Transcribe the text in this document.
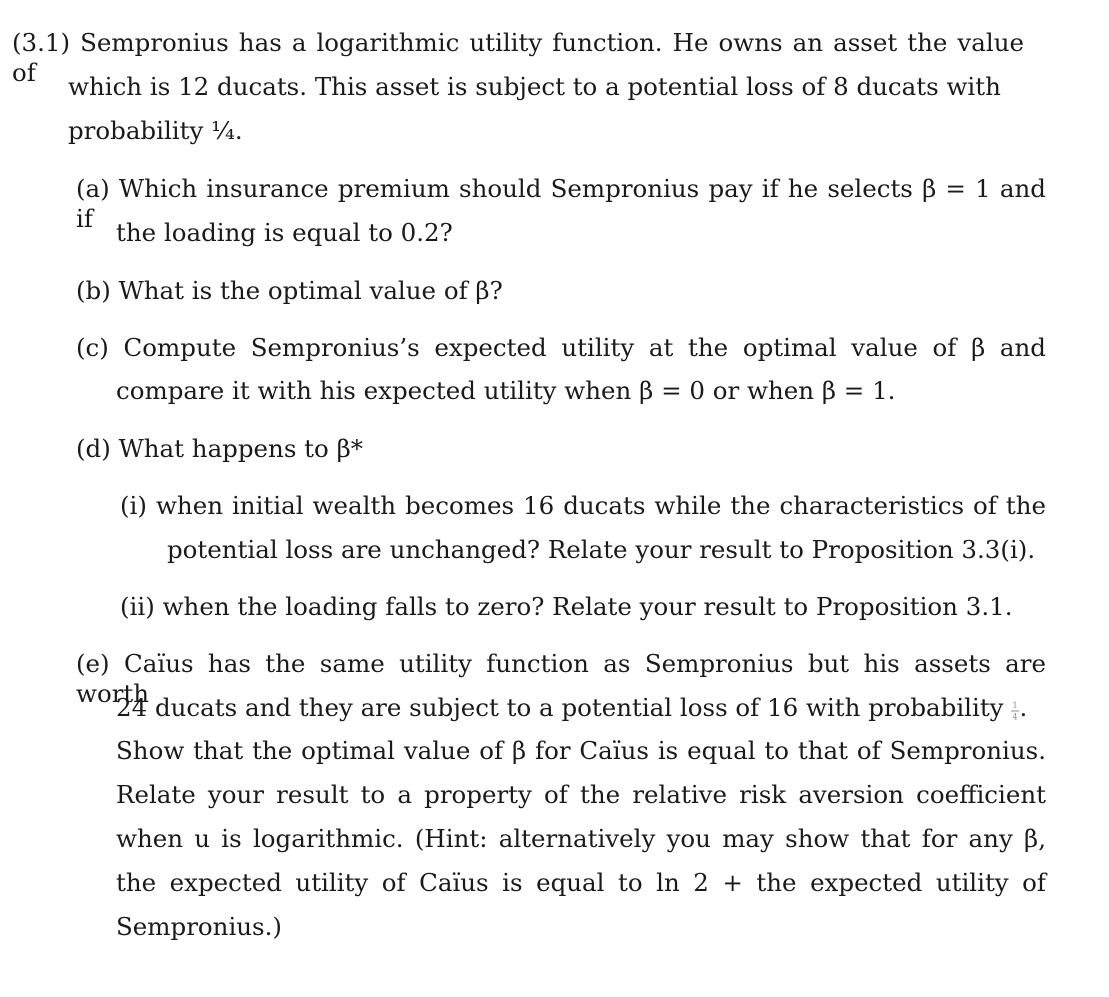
(3.1) Sempronius has a logarithmic utility function. He owns an asset the value of	which is 12 ducats. This asset is subject to a potential loss of 8 ducats with
probability ¼.
(a) Which insurance premium should Sempronius pay if he selects β = 1 and if the loading is equal to 0.2?
(b) What is the optimal value of β?
(c) Compute Sempronius’s expected utility at the optimal value of β and
compare it with his expected utility when β = 0 or when β = 1.
(d) What happens to β*
(i) when initial wealth becomes 16 ducats while the characteristics of the
potential loss are unchanged? Relate your result to Proposition 3.3(i).
(ii) when the loading falls to zero? Relate your result to Proposition 3.1.
(e) Caïus has the same utility function as Sempronius but his assets are worth
24 ducats and they are subject to a potential loss of 16 with probability 1
4 .
Show that the optimal value of β for Caïus is equal to that of Sempronius.
Relate your result to a property of the relative risk aversion coefficient
when u is logarithmic. (Hint: alternatively you may show that for any β,
the expected utility of Caïus is equal to ln 2 + the expected utility of
Sempronius.)
